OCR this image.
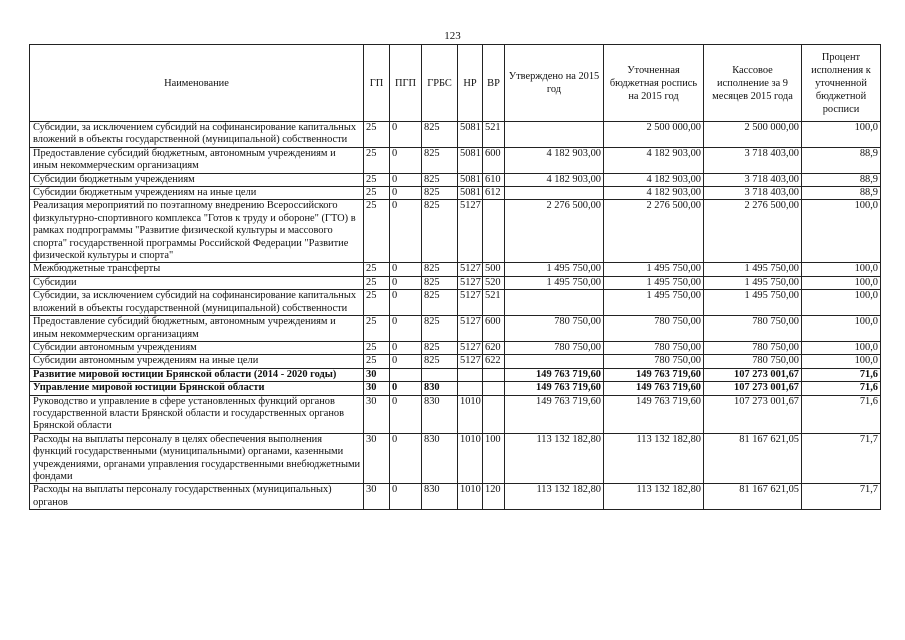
123
Наименование	ГП	ПГП	ГРБС	НР	ВР	Утверждено на 2015 год	Уточненная бюджетная роспись на 2015 год	Кассовое исполнение за 9 месяцев 2015 года	Процент исполнения к уточненной бюджетной росписи
Субсидии, за исключением субсидий на софинансирование капитальных вложений в объекты государственной (муниципальной) собственности	25	0	825	5081	521		2 500 000,00	2 500 000,00	100,0
Предоставление субсидий бюджетным, автономным учреждениям и иным некоммерческим организациям	25	0	825	5081	600	4 182 903,00	4 182 903,00	3 718 403,00	88,9
Субсидии бюджетным учреждениям	25	0	825	5081	610	4 182 903,00	4 182 903,00	3 718 403,00	88,9
Субсидии бюджетным учреждениям на иные цели	25	0	825	5081	612		4 182 903,00	3 718 403,00	88,9
Реализация мероприятий по поэтапному внедрению Всероссийского физкультурно-спортивного комплекса "Готов к труду и обороне" (ГТО) в рамках подпрограммы "Развитие физической культуры и массового спорта" государственной программы Российской Федерации "Развитие физической культуры и спорта"	25	0	825	5127		2 276 500,00	2 276 500,00	2 276 500,00	100,0
Межбюджетные трансферты	25	0	825	5127	500	1 495 750,00	1 495 750,00	1 495 750,00	100,0
Субсидии	25	0	825	5127	520	1 495 750,00	1 495 750,00	1 495 750,00	100,0
Субсидии, за исключением субсидий на софинансирование капитальных вложений в объекты государственной (муниципальной) собственности	25	0	825	5127	521		1 495 750,00	1 495 750,00	100,0
Предоставление субсидий бюджетным, автономным учреждениям и иным некоммерческим организациям	25	0	825	5127	600	780 750,00	780 750,00	780 750,00	100,0
Субсидии автономным учреждениям	25	0	825	5127	620	780 750,00	780 750,00	780 750,00	100,0
Субсидии автономным учреждениям на иные цели	25	0	825	5127	622		780 750,00	780 750,00	100,0
Развитие мировой юстиции Брянской области (2014 - 2020 годы)	30					149 763 719,60	149 763 719,60	107 273 001,67	71,6
Управление мировой юстиции Брянской области	30	0	830			149 763 719,60	149 763 719,60	107 273 001,67	71,6
Руководство и управление в сфере установленных функций органов государственной власти Брянской области и государственных органов Брянской области	30	0	830	1010		149 763 719,60	149 763 719,60	107 273 001,67	71,6
Расходы на выплаты персоналу в целях обеспечения выполнения функций государственными (муниципальными) органами, казенными учреждениями, органами управления государственными внебюджетными фондами	30	0	830	1010	100	113 132 182,80	113 132 182,80	81 167 621,05	71,7
Расходы на выплаты персоналу государственных (муниципальных) органов	30	0	830	1010	120	113 132 182,80	113 132 182,80	81 167 621,05	71,7
